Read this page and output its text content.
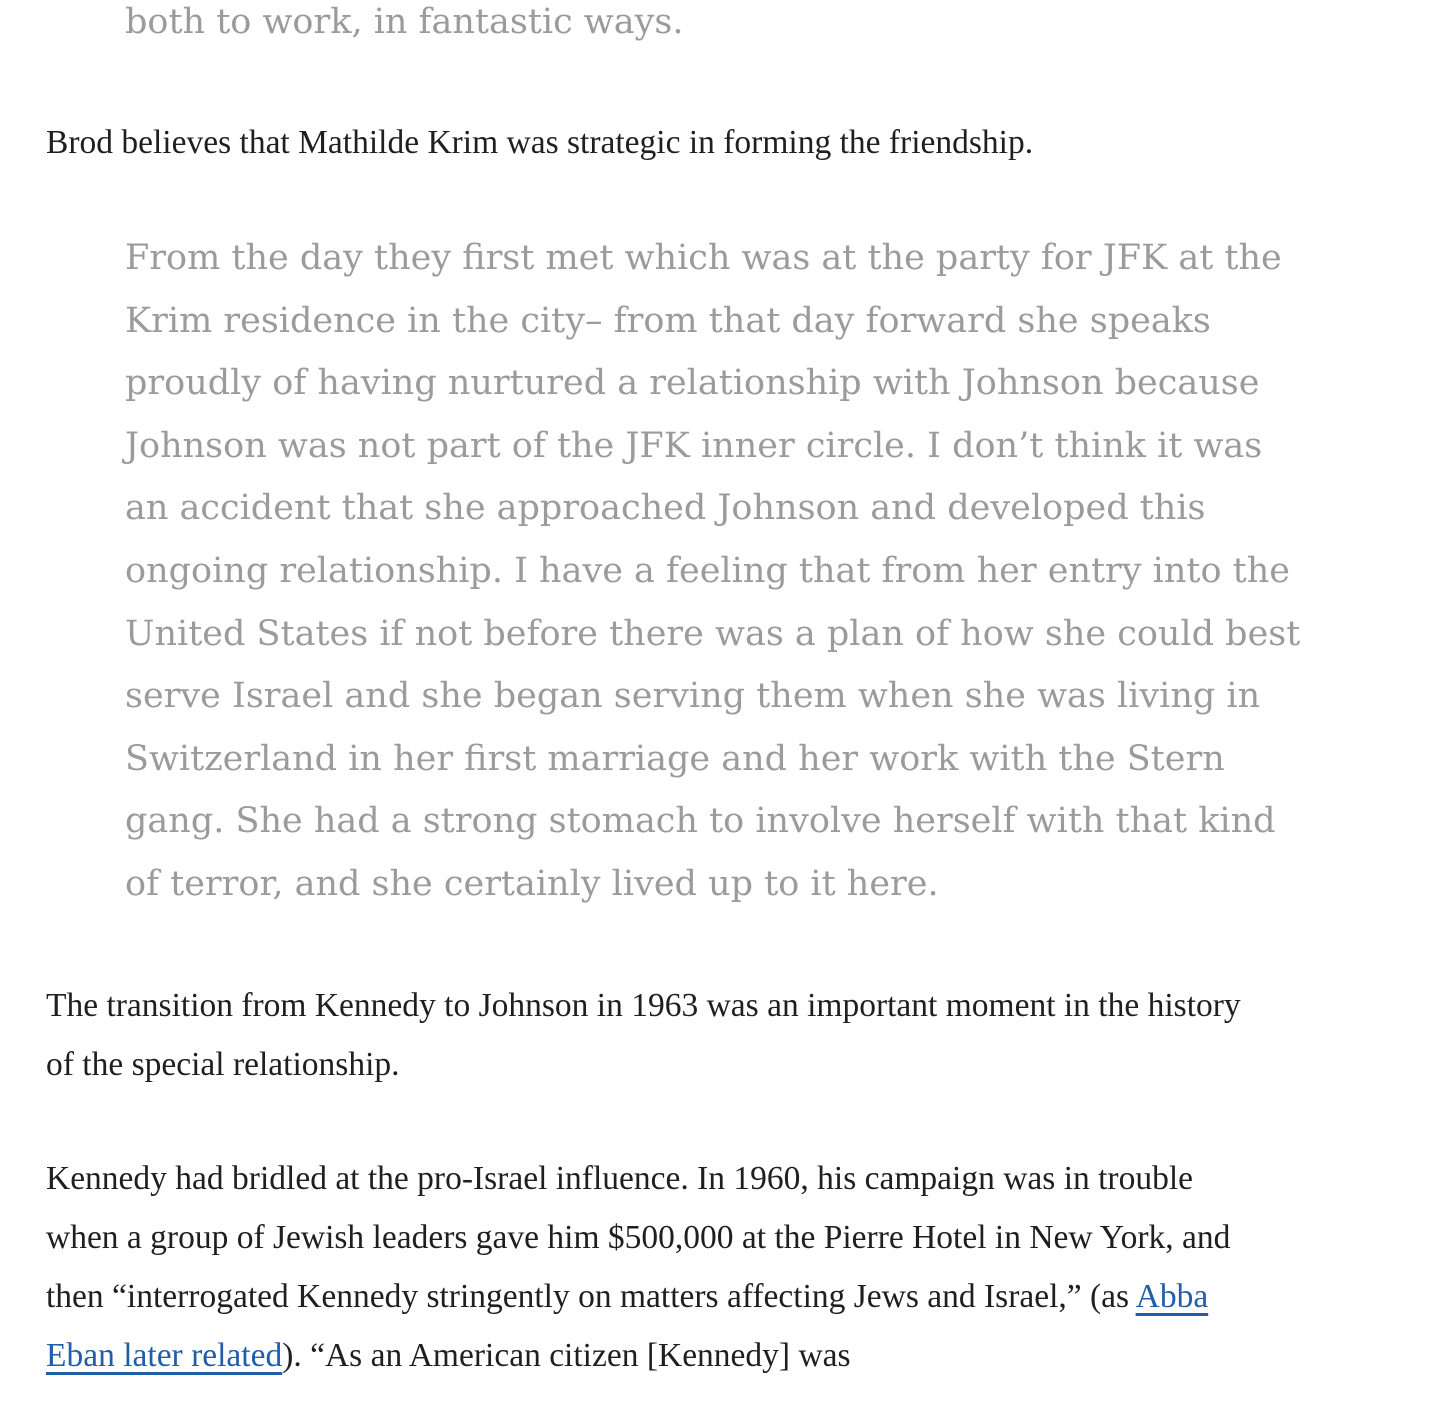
both to work, in fantastic ways.

Brod believes that Mathilde Krim was strategic in forming the friendship.

From the day they first met which was at the party for JFK at the Krim residence in the city– from that day forward she speaks proudly of having nurtured a relationship with Johnson because Johnson was not part of the JFK inner circle. I don’t think it was an accident that she approached Johnson and developed this ongoing relationship. I have a feeling that from her entry into the United States if not before there was a plan of how she could best serve Israel and she began serving them when she was living in Switzerland in her first marriage and her work with the Stern gang. She had a strong stomach to involve herself with that kind of terror, and she certainly lived up to it here.

The transition from Kennedy to Johnson in 1963 was an important moment in the history of the special relationship.

Kennedy had bridled at the pro-Israel influence. In 1960, his campaign was in trouble when a group of Jewish leaders gave him $500,000 at the Pierre Hotel in New York, and then “interrogated Kennedy stringently on matters affecting Jews and Israel,” (as Abba Eban later related). “As an American citizen [Kennedy] was
